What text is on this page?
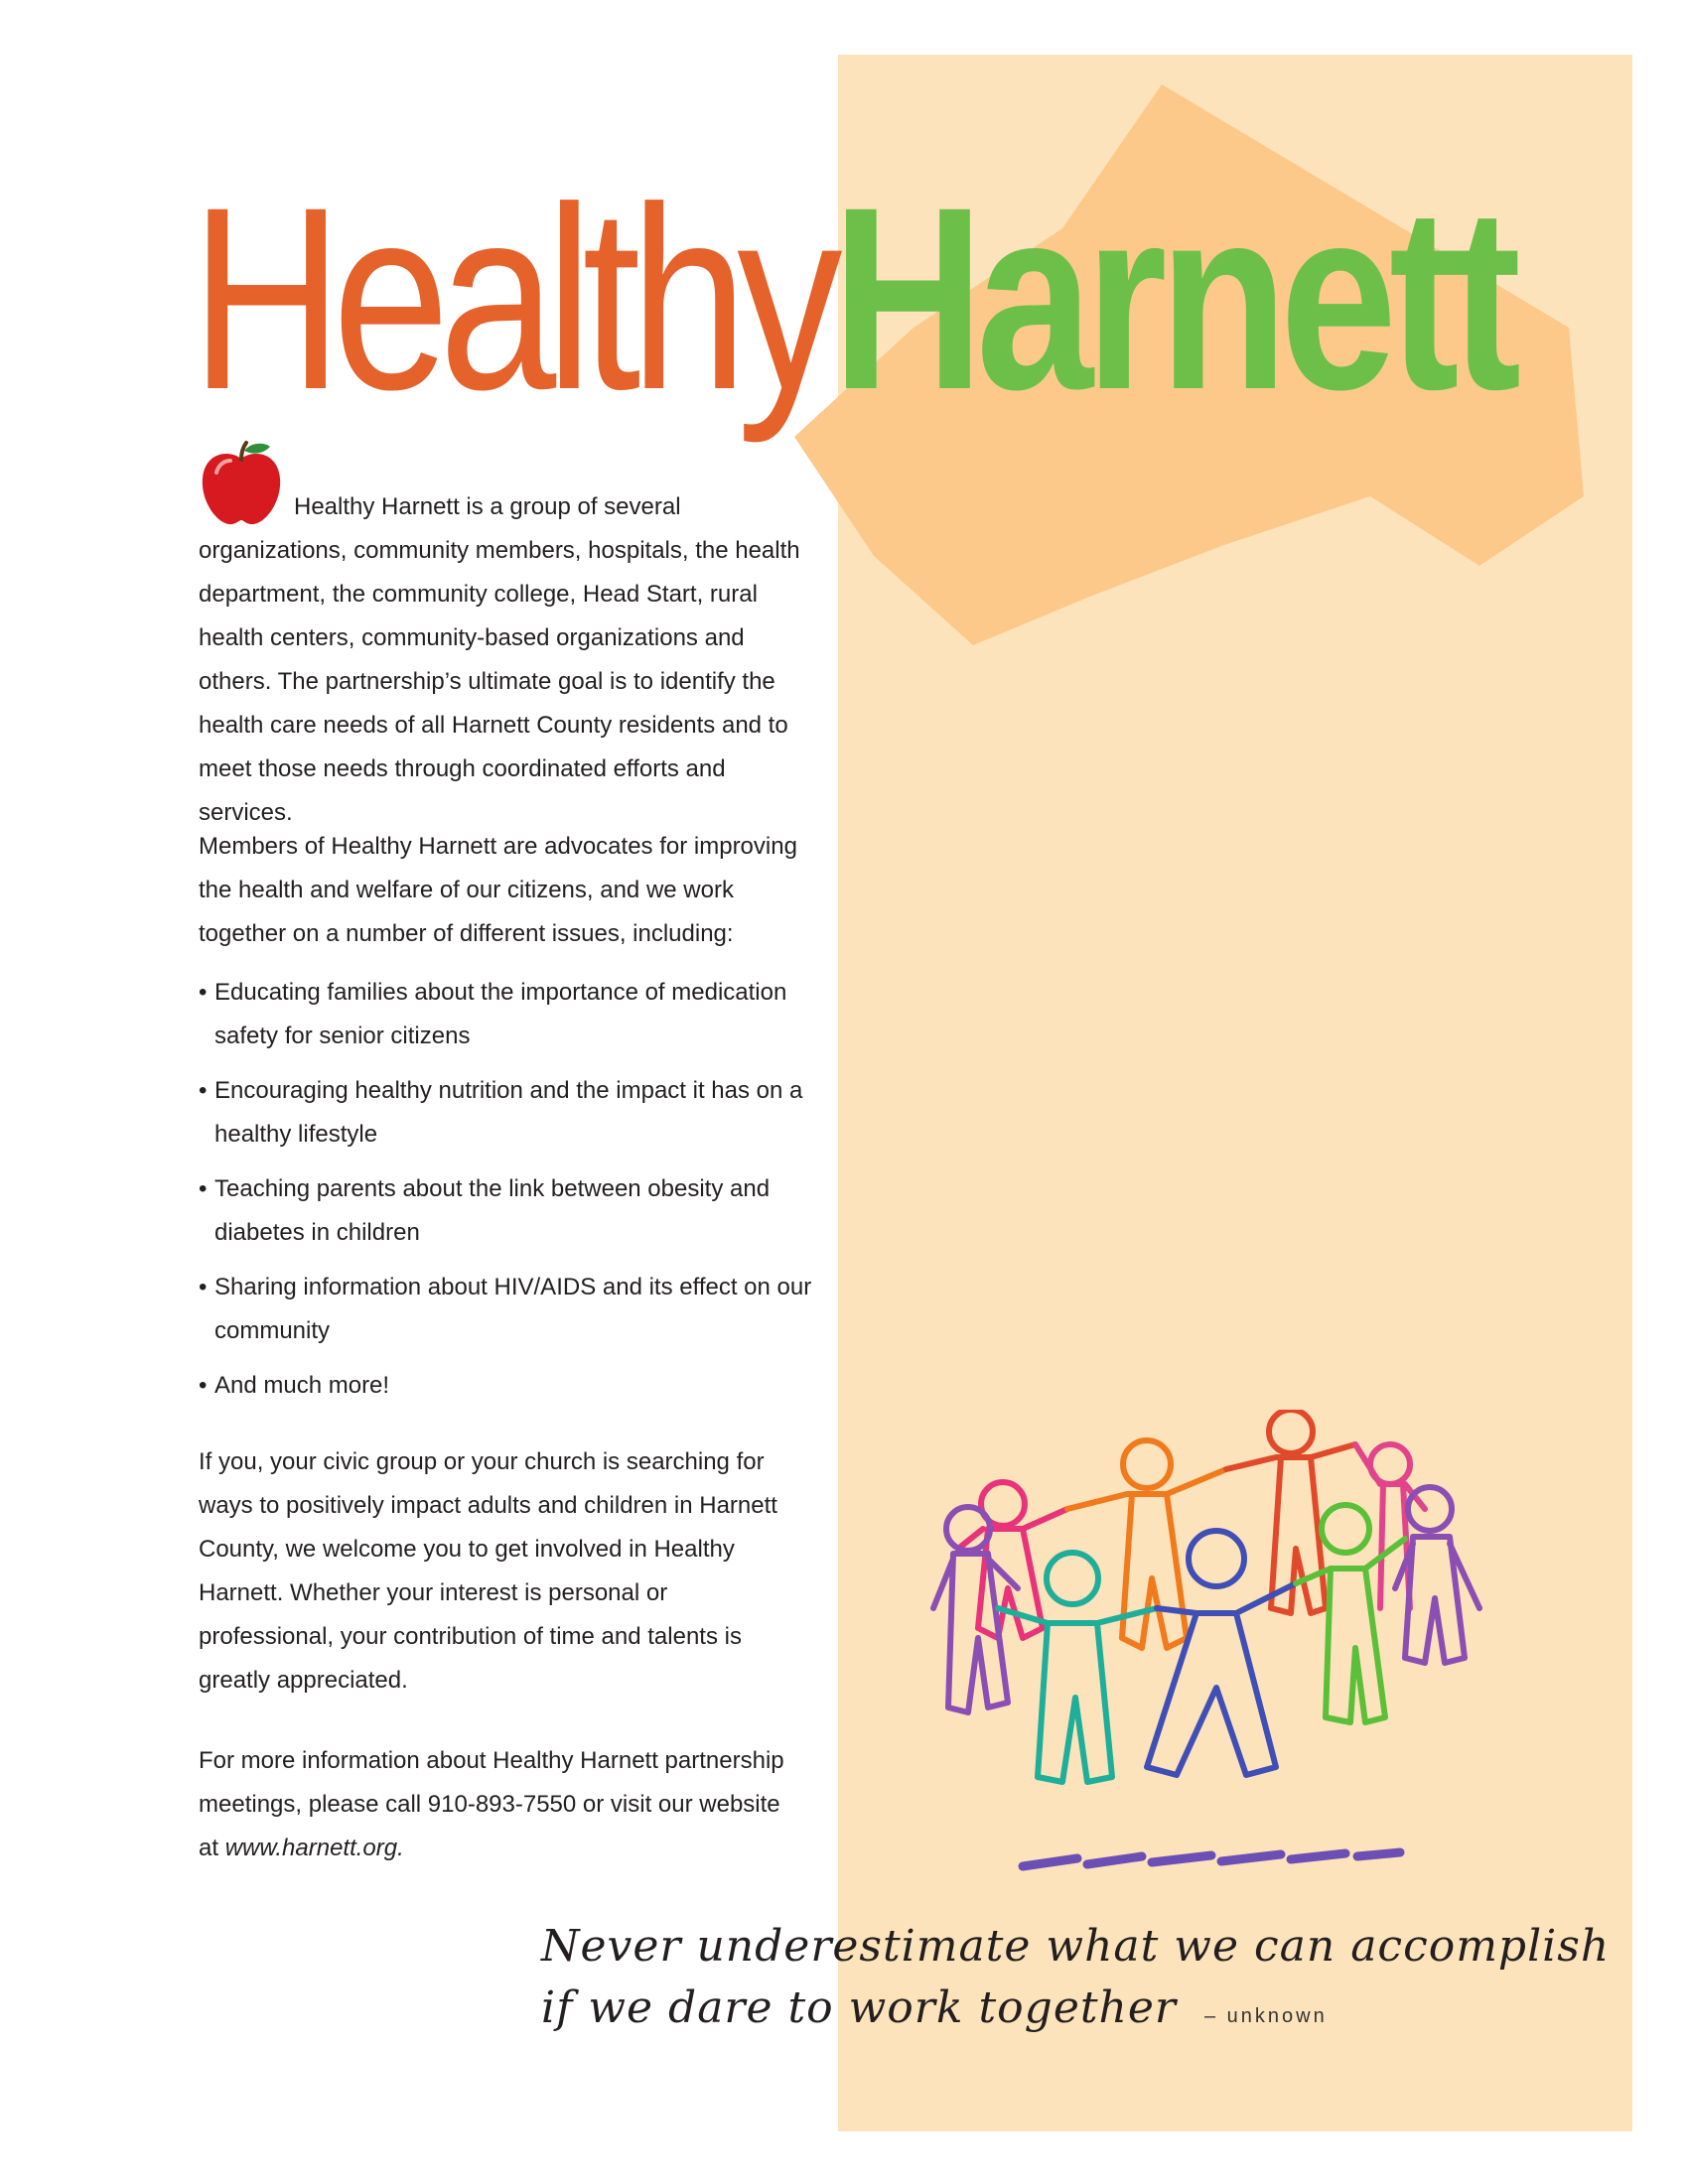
HealthyHarnett

Healthy Harnett is a group of several organizations, community members, hospitals, the health department, the community college, Head Start, rural health centers, community-based organizations and others. The partnership’s ultimate goal is to identify the health care needs of all Harnett County residents and to meet those needs through coordinated efforts and services.

Members of Healthy Harnett are advocates for improving the health and welfare of our citizens, and we work together on a number of different issues, including:

• Educating families about the importance of medication safety for senior citizens
• Encouraging healthy nutrition and the impact it has on a healthy lifestyle
• Teaching parents about the link between obesity and diabetes in children
• Sharing information about HIV/AIDS and its effect on our community
• And much more!

If you, your civic group or your church is searching for ways to positively impact adults and children in Harnett County, we welcome you to get involved in Healthy Harnett. Whether your interest is personal or professional, your contribution of time and talents is greatly appreciated.

For more information about Healthy Harnett partnership meetings, please call 910-893-7550 or visit our website at www.harnett.org.

Never underestimate what we can accomplish
if we dare to work together – unknown
